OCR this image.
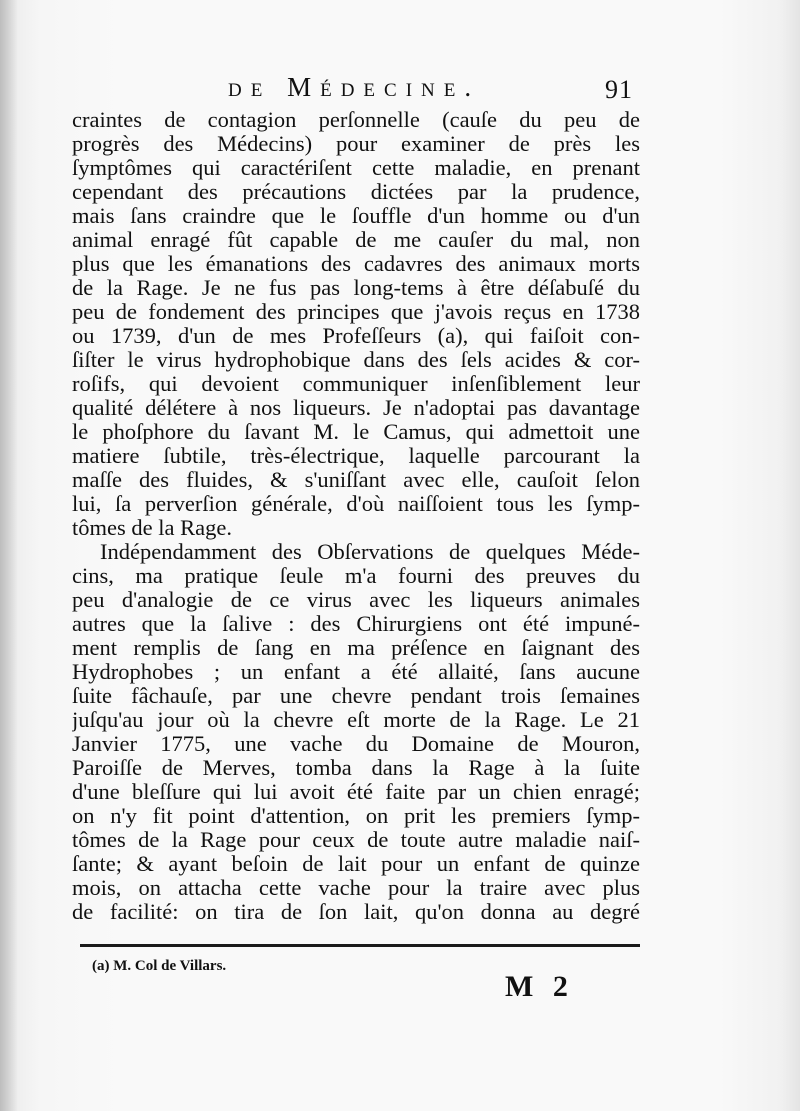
de Médecine.	91
craintes de contagion perſonnelle (cauſe du peu de
progrès des Médecins) pour examiner de près les
ſymptômes qui caractériſent cette maladie, en prenant
cependant des précautions dictées par la prudence,
mais ſans craindre que le ſouffle d'un homme ou d'un
animal enragé fût capable de me cauſer du mal, non
plus que les émanations des cadavres des animaux morts
de la Rage. Je ne fus pas long-tems à être déſabuſé du
peu de fondement des principes que j'avois reçus en 1738
ou 1739, d'un de mes Profeſſeurs (a), qui faiſoit con-
ſiſter le virus hydrophobique dans des ſels acides & cor-
roſifs, qui devoient communiquer inſenſiblement leur
qualité délétere à nos liqueurs. Je n'adoptai pas davantage
le phoſphore du ſavant M. le Camus, qui admettoit une
matiere ſubtile, très-électrique, laquelle parcourant la
maſſe des fluides, & s'uniſſant avec elle, cauſoit ſelon
lui, ſa perverſion générale, d'où naiſſoient tous les ſymp-
tômes de la Rage.
Indépendamment des Obſervations de quelques Méde-
cins, ma pratique ſeule m'a fourni des preuves du
peu d'analogie de ce virus avec les liqueurs animales
autres que la ſalive : des Chirurgiens ont été impuné-
ment remplis de ſang en ma préſence en ſaignant des
Hydrophobes ; un enfant a été allaité, ſans aucune
ſuite fâchauſe, par une chevre pendant trois ſemaines
juſqu'au jour où la chevre eſt morte de la Rage. Le 21
Janvier 1775, une vache du Domaine de Mouron,
Paroiſſe de Merves, tomba dans la Rage à la ſuite
d'une bleſſure qui lui avoit été faite par un chien enragé;
on n'y fit point d'attention, on prit les premiers ſymp-
tômes de la Rage pour ceux de toute autre maladie naiſ-
ſante; & ayant beſoin de lait pour un enfant de quinze
mois, on attacha cette vache pour la traire avec plus
de facilité: on tira de ſon lait, qu'on donna au degré
(a) M. Col de Villars.
M 2
